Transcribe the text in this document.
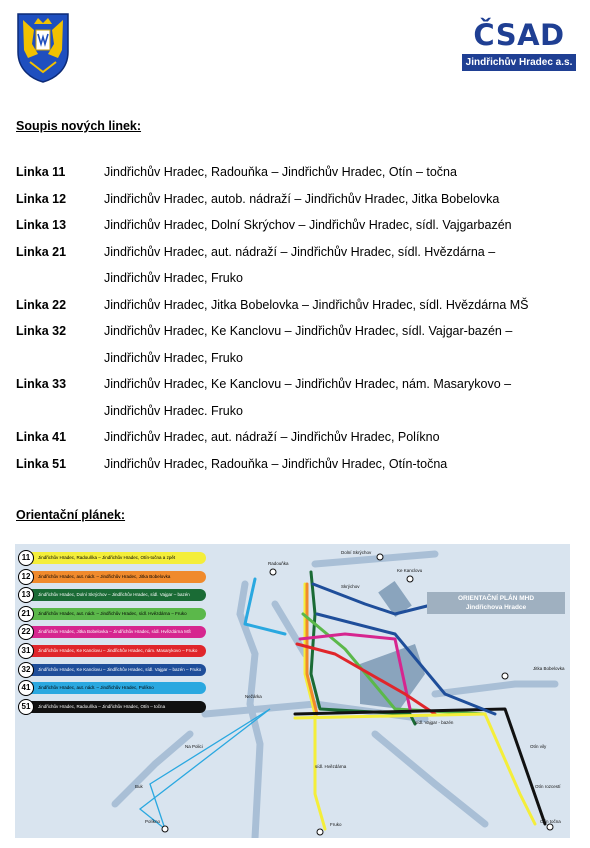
ČSAD
Jindřichův Hradec a.s.
Soupis nových linek:
Linka 11	Jindřichův Hradec, Radouňka – Jindřichův Hradec, Otín – točna
Linka 12	Jindřichův Hradec, autob. nádraží – Jindřichův Hradec, Jitka Bobelovka
Linka 13	Jindřichův Hradec, Dolní Skrýchov – Jindřichův Hradec, sídl. Vajgarbazén
Linka 21	Jindřichův Hradec, aut. nádraží – Jindřichův Hradec, sídl. Hvězdárna –
Jindřichův Hradec, Fruko
Linka 22	Jindřichův Hradec, Jitka Bobelovka – Jindřichův Hradec, sídl. Hvězdárna MŠ
Linka 32	Jindřichův Hradec, Ke Kanclovu – Jindřichův Hradec, sídl. Vajgar-bazén –
Jindřichův Hradec, Fruko
Linka 33	Jindřichův Hradec, Ke Kanclovu – Jindřichův Hradec, nám. Masarykovo –
Jindřichův Hradec. Fruko
Linka 41	Jindřichův Hradec, aut. nádraží – Jindřichův Hradec, Políkno
Linka 51	Jindřichův Hradec, Radouňka – Jindřichův Hradec, Otín-točna
Orientační plánek:
11	Jindřichův Hradec, Radouňka – Jindřichův Hradec, Otín-točna a zpět
12	Jindřichův Hradec, aut. nádr. – Jindřichův Hradec, Jitka Bobelovka
13	Jindřichův Hradec, Dolní Skrýchov – Jindřichův Hradec, sídl. Vajgar – bazén
21	Jindřichův Hradec, aut. nádr. – Jindřichův Hradec, sídl. Hvězdárna – Fruko
22	Jindřichův Hradec, Jitka Bobelovka – Jindřichův Hradec, sídl. Hvězdárna MŠ
31	Jindřichův Hradec, Ke Kanclovu – Jindřichův Hradec, nám. Masarykovo – Fruko
32	Jindřichův Hradec, Ke Kanclovu – Jindřichův Hradec, sídl. Vajgar – bazén – Fruko
41	Jindřichův Hradec, aut. nádr. – Jindřichův Hradec, Políkno
51	Jindřichův Hradec, Radouňka – Jindřichův Hradec, Otín – točna
ORIENTAČNÍ PLÁN MHD
Jindřichova Hradce
Radouňka
Dolní Skrýchov
Ke Kanclovu
Skrýchov
Jitka Bobelovka
Nežárka
Na Polici
Buk
Políkno
Otín vily
Otín rozcestí
Otín točna
sídl. Vajgar - bazén
sídl. Hvězdárna
Fruko
